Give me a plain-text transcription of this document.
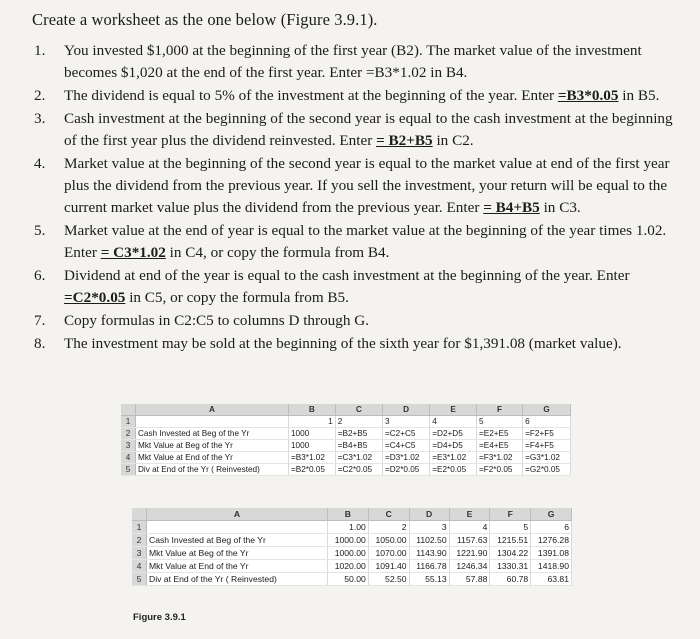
Create a worksheet as the one below (Figure 3.9.1).
1. You invested $1,000 at the beginning of the first year (B2). The market value of the investment becomes $1,020 at the end of the first year. Enter =B3*1.02 in B4.
2. The dividend is equal to 5% of the investment at the beginning of the year. Enter =B3*0.05 in B5.
3. Cash investment at the beginning of the second year is equal to the cash investment at the beginning of the first year plus the dividend reinvested. Enter = B2+B5 in C2.
4. Market value at the beginning of the second year is equal to the market value at end of the first year plus the dividend from the previous year. If you sell the investment, your return will be equal to the current market value plus the dividend from the previous year. Enter = B4+B5 in C3.
5. Market value at the end of year is equal to the market value at the beginning of the year times 1.02. Enter = C3*1.02 in C4, or copy the formula from B4.
6. Dividend at end of the year is equal to the cash investment at the beginning of the year. Enter =C2*0.05 in C5, or copy the formula from B5.
7. Copy formulas in C2:C5 to columns D through G.
8. The investment may be sold at the beginning of the sixth year for $1,391.08 (market value).
	A	B	C	D	E	F	G
1		1	2	3	4	5	6
2	Cash Invested at Beg of the Yr	1000	=B2+B5	=C2+C5	=D2+D5	=E2+E5	=F2+F5
3	Mkt Value at Beg of the Yr	1000	=B4+B5	=C4+C5	=D4+D5	=E4+E5	=F4+F5
4	Mkt Value at End of the Yr	=B3*1.02	=C3*1.02	=D3*1.02	=E3*1.02	=F3*1.02	=G3*1.02
5	Div at End of the Yr ( Reinvested)	=B2*0.05	=C2*0.05	=D2*0.05	=E2*0.05	=F2*0.05	=G2*0.05
	A	B	C	D	E	F	G
1		1.00	2	3	4	5	6
2	Cash Invested at Beg of the Yr	1000.00	1050.00	1102.50	1157.63	1215.51	1276.28
3	Mkt Value at Beg of the Yr	1000.00	1070.00	1143.90	1221.90	1304.22	1391.08
4	Mkt Value at End of the Yr	1020.00	1091.40	1166.78	1246.34	1330.31	1418.90
5	Div at End of the Yr ( Reinvested)	50.00	52.50	55.13	57.88	60.78	63.81
Figure 3.9.1
